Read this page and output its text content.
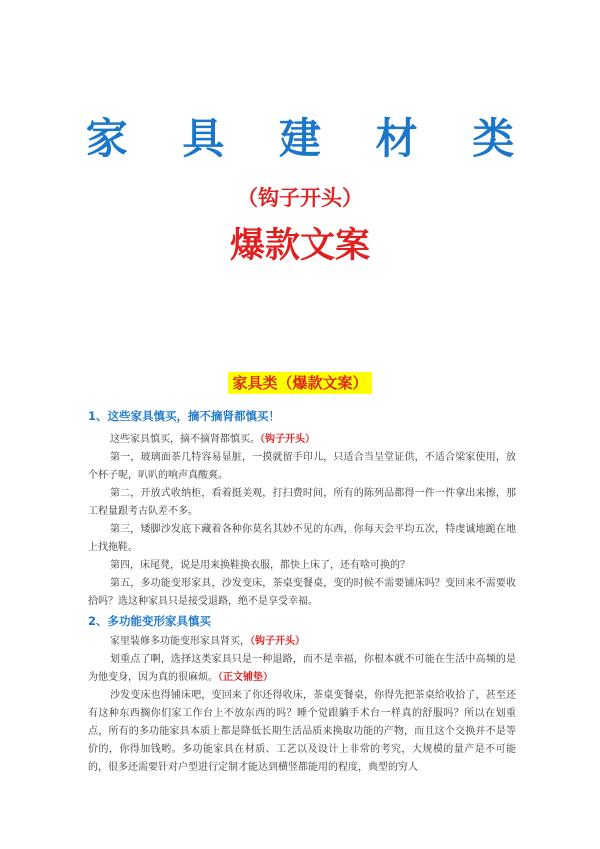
家 具 建 材 类
（钩子开头）
爆款文案
家具类（爆款文案）
1、这些家具慎买，摘不摘肾都慎买！

这些家具慎买，摘不摘肾都慎买。（钩子开头）

第一，玻璃面茶几特容易显脏，一摸就留手印儿，只适合当呈堂证供，不适合梁家使用，放个杯子呢，叭叭的响声真酸爽。

第二，开放式收纳柜，看着挺美观，打扫费时间，所有的陈列品都得一件一件拿出来擦，那工程量跟考古队差不多。

第三，矮脚沙发底下藏着各种你莫名其妙不见的东西，你每天会平均五次，特虔诚地跪在地上找拖鞋。

第四，床尾凳，说是用来换鞋换衣服，都快上床了，还有啥可换的？

第五，多功能变形家具，沙发变床，茶桌变餐桌，变的时候不需要铺床吗？变回来不需要收拾吗？选这种家具只是接受退路，绝不是享受幸福。

2、多功能变形家具慎买

家里装修多功能变形家具肾买，（钩子开头）

划重点了啊，选择这类家具只是一种退路，而不是幸福，你根本就不可能在生活中高频的是为他变身，因为真的很麻烦。（正文铺垫）

沙发变床也得铺床吧，变回来了你还得收床，茶桌变餐桌，你得先把茶桌给收拾了，甚至还有这种东西搁你们家工作台上不放东西的吗？睡个觉跟躺手术台一样真的舒服吗？所以在划重点，所有的多功能家具本质上都是降低长期生活品质来换取功能的产物，而且这个交换并不是等价的，你得加钱哟。多功能家具在材质、工艺以及设计上非常的考究，大规模的量产是不可能的，很多还需要针对户型进行定制才能达到横竖都能用的程度，典型的穷人
